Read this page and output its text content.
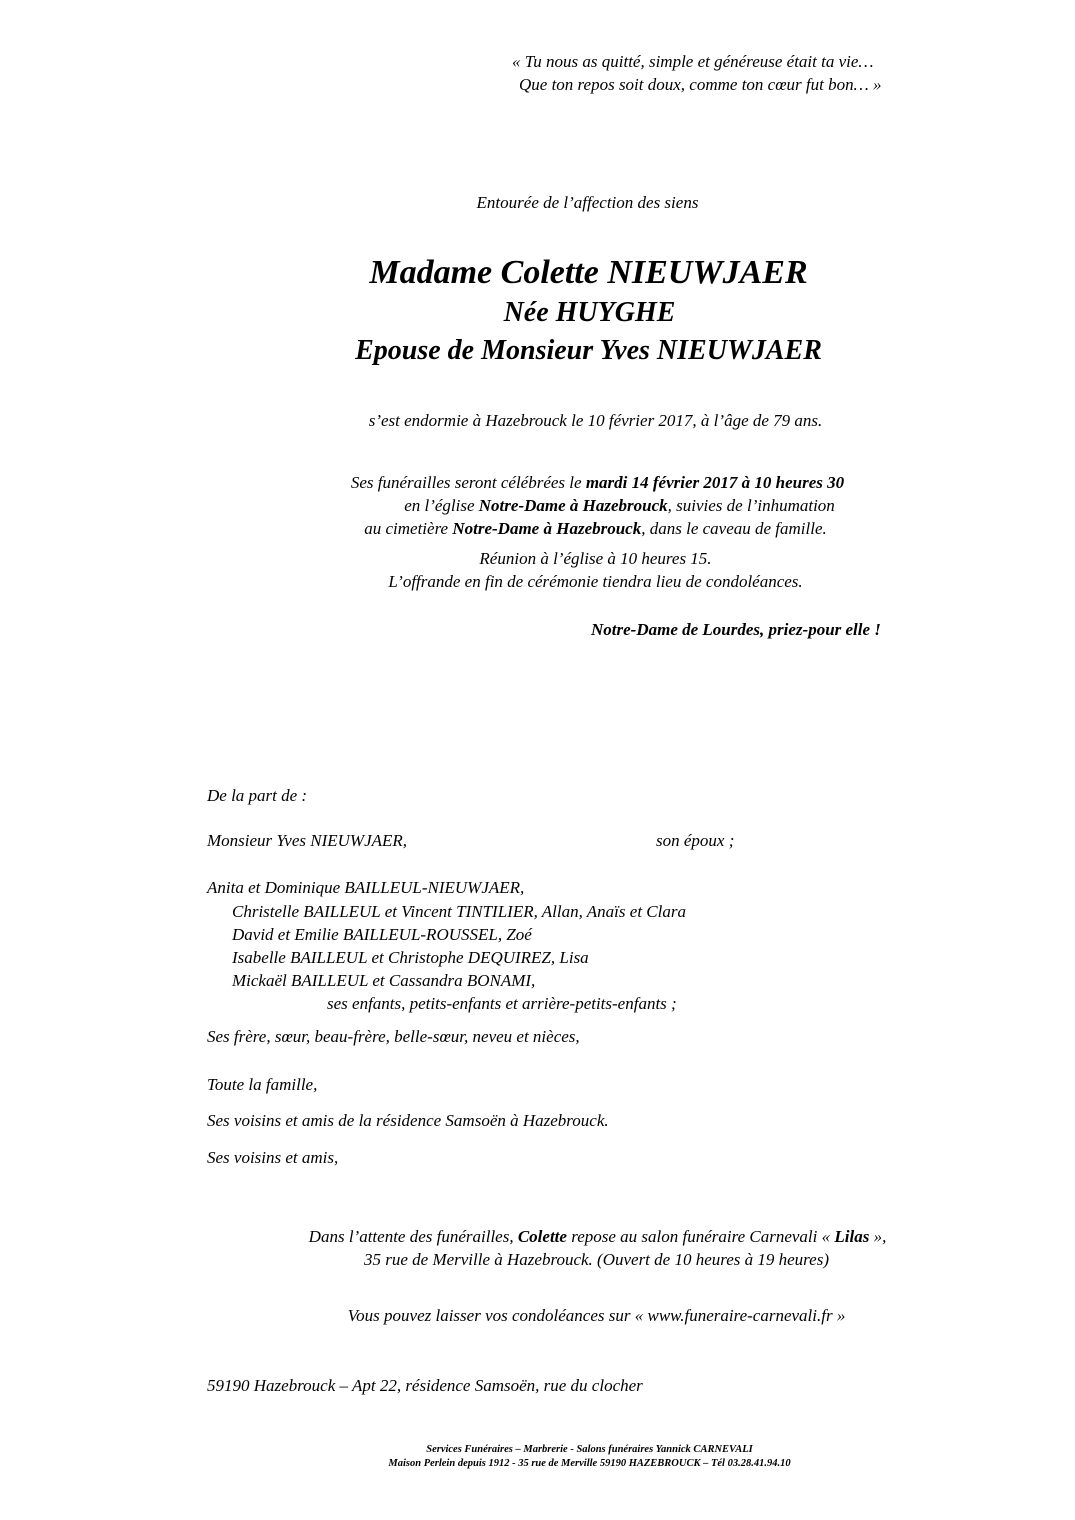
« Tu nous as quitté, simple et généreuse était ta vie…
Que ton repos soit doux, comme ton cœur fut bon… »
Entourée de l’affection des siens
Madame Colette NIEUWJAER
Née HUYGHE
Epouse de Monsieur Yves NIEUWJAER
s’est endormie à Hazebrouck le 10 février 2017, à l’âge de 79 ans.
Ses funérailles seront célébrées le mardi 14 février 2017 à 10 heures 30
en l’église Notre-Dame à Hazebrouck, suivies de l’inhumation
au cimetière Notre-Dame à Hazebrouck, dans le caveau de famille.
Réunion à l’église à 10 heures 15.
L’offrande en fin de cérémonie tiendra lieu de condoléances.
Notre-Dame de Lourdes, priez-pour elle !
De la part de :
Monsieur Yves NIEUWJAER,	son époux ;
Anita et Dominique BAILLEUL-NIEUWJAER,
Christelle BAILLEUL et Vincent TINTILIER, Allan, Anaïs et Clara
David et Emilie BAILLEUL-ROUSSEL, Zoé
Isabelle BAILLEUL et Christophe DEQUIREZ, Lisa
Mickaël BAILLEUL et Cassandra BONAMI,
ses enfants, petits-enfants et arrière-petits-enfants ;
Ses frère, sœur, beau-frère, belle-sœur, neveu et nièces,
Toute la famille,
Ses voisins et amis de la résidence Samsoën à Hazebrouck.
Ses voisins et amis,
Dans l’attente des funérailles, Colette repose au salon funéraire Carnevali « Lilas »,
35 rue de Merville à Hazebrouck. (Ouvert de 10 heures à 19 heures)
Vous pouvez laisser vos condoléances sur « www.funeraire-carnevali.fr »
59190 Hazebrouck – Apt 22, résidence Samsoën, rue du clocher
Services Funéraires – Marbrerie - Salons funéraires Yannick CARNEVALI
Maison Perlein depuis 1912 - 35 rue de Merville 59190 HAZEBROUCK – Tél 03.28.41.94.10
